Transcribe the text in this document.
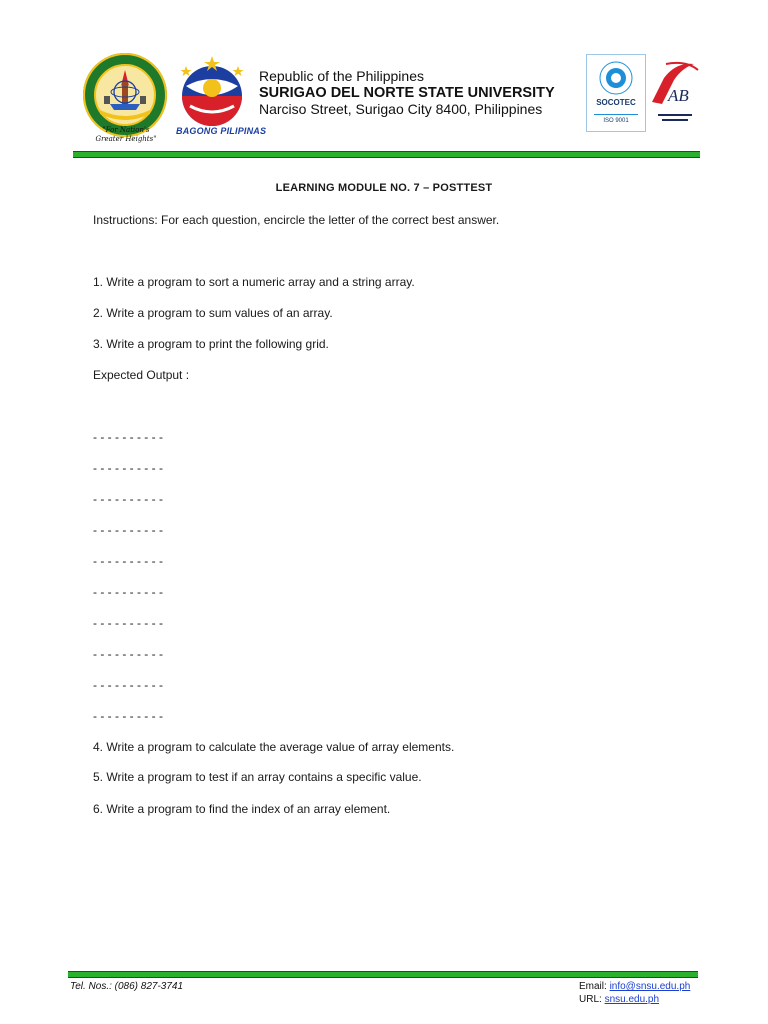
"For Nation's
Greater Heights"
BAGONG PILIPINAS
Republic of the Philippines
SURIGAO DEL NORTE STATE UNIVERSITY
Narciso Street, Surigao City 8400, Philippines	SOCOTEC
ISO 9001
AB
LEARNING MODULE NO. 7 – POSTTEST
Instructions: For each question, encircle the letter of the correct best answer.
1. Write a program to sort a numeric array and a string array.
2. Write a program to sum values of an array.
3. Write a program to print the following grid.
Expected Output :
- - - - - - - - - -
- - - - - - - - - -
- - - - - - - - - -
- - - - - - - - - -
- - - - - - - - - -
- - - - - - - - - -
- - - - - - - - - -
- - - - - - - - - -
- - - - - - - - - -
- - - - - - - - - -
4. Write a program to calculate the average value of array elements.
5. Write a program to test if an array contains a specific value.
6. Write a program to find the index of an array element.
Tel. Nos.: (086) 827-3741	Email: info@snsu.edu.ph
URL: snsu.edu.ph
